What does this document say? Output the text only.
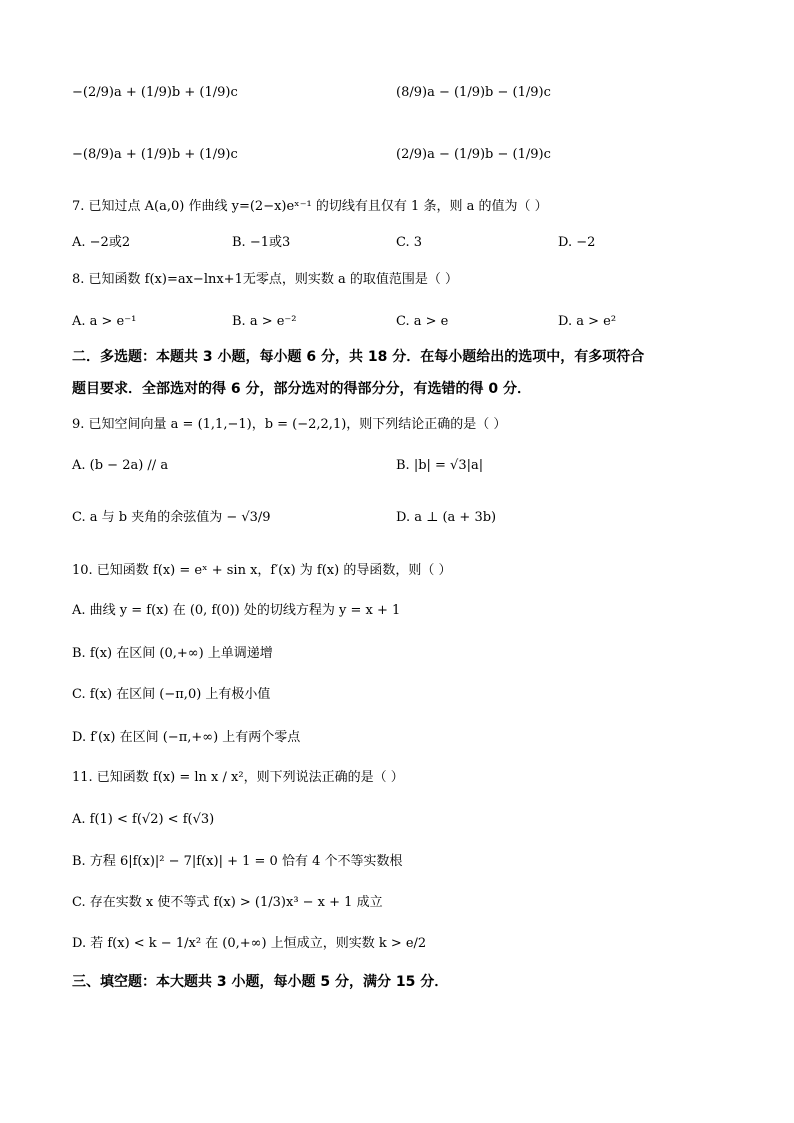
−(2/9)a + (1/9)b + (1/9)c	(8/9)a − (1/9)b − (1/9)c
−(8/9)a + (1/9)b + (1/9)c	(2/9)a − (1/9)b − (1/9)c
7. 已知过点 A(a,0) 作曲线 y=(2−x)eˣ⁻¹ 的切线有且仅有 1 条，则 a 的值为（ ）
A. −2或2	B. −1或3	C. 3	D. −2
8. 已知函数 f(x)=ax−lnx+1无零点，则实数 a 的取值范围是（ ）
A. a > e⁻¹	B. a > e⁻²	C. a > e	D. a > e²
二．多选题：本题共 3 小题，每小题 6 分，共 18 分．在每小题给出的选项中，有多项符合
题目要求．全部选对的得 6 分，部分选对的得部分分，有选错的得 0 分．
9. 已知空间向量 a = (1,1,−1)，b = (−2,2,1)，则下列结论正确的是（ ）
A. (b − 2a) // a	B. |b| = √3|a|
C. a 与 b 夹角的余弦值为 − √3/9	D. a ⊥ (a + 3b)
10. 已知函数 f(x) = eˣ + sin x，f′(x) 为 f(x) 的导函数，则（ ）
A. 曲线 y = f(x) 在 (0, f(0)) 处的切线方程为 y = x + 1
B. f(x) 在区间 (0,+∞) 上单调递增
C. f(x) 在区间 (−π,0) 上有极小值
D. f′(x) 在区间 (−π,+∞) 上有两个零点
11. 已知函数 f(x) = ln x / x²，则下列说法正确的是（ ）
A. f(1) < f(√2) < f(√3)
B. 方程 6|f(x)|² − 7|f(x)| + 1 = 0 恰有 4 个不等实数根
C. 存在实数 x 使不等式 f(x) > (1/3)x³ − x + 1 成立
D. 若 f(x) < k − 1/x² 在 (0,+∞) 上恒成立，则实数 k > e/2
三、填空题：本大题共 3 小题，每小题 5 分，满分 15 分．
